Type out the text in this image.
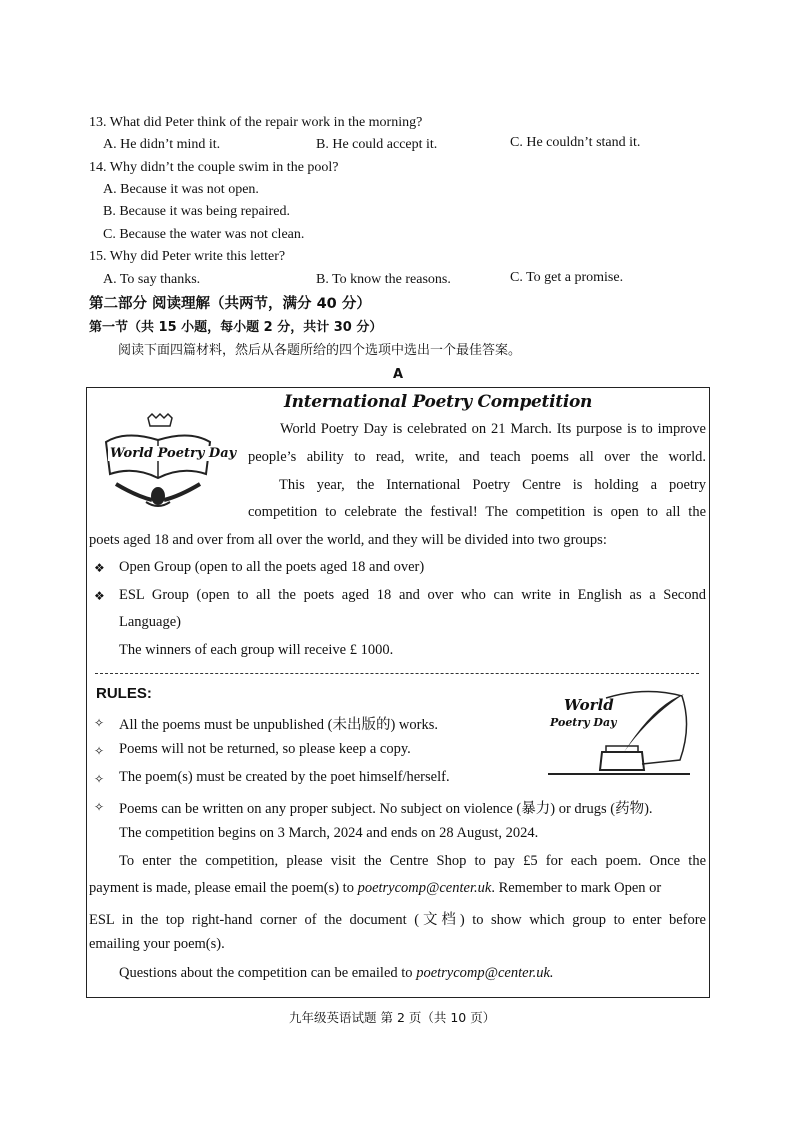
13. What did Peter think of the repair work in the morning?
A. He didn’t mind it.	B. He could accept it.	C. He couldn’t stand it.
14. Why didn’t the couple swim in the pool?
A. Because it was not open.
B. Because it was being repaired.
C. Because the water was not clean.
15. Why did Peter write this letter?
A. To say thanks.	B. To know the reasons.	C. To get a promise.
第二部分 阅读理解（共两节，满分 40 分）
第一节（共 15 小题，每小题 2 分，共计 30 分）
阅读下面四篇材料，然后从各题所给的四个选项中选出一个最佳答案。
A
International Poetry Competition
World Poetry Day
World Poetry Day is celebrated on 21 March. Its purpose is to improve
people’s ability to read, write, and teach poems all over the world.
This year, the International Poetry Centre is holding a poetry
competition to celebrate the festival! The competition is open to all the
poets aged 18 and over from all over the world, and they will be divided into two groups:
❖ Open Group (open to all the poets aged 18 and over)
❖ ESL Group (open to all the poets aged 18 and over who can write in English as a Second
Language)
The winners of each group will receive £ 1000.
RULES:
✧ All the poems must be unpublished (未出版的) works.
✧ Poems will not be returned, so please keep a copy.
✧ The poem(s) must be created by the poet himself/herself.
✧ Poems can be written on any proper subject. No subject on violence (暴力) or drugs (药物).
World
Poetry Day
The competition begins on 3 March, 2024 and ends on 28 August, 2024.
To enter the competition, please visit the Centre Shop to pay £5 for each poem. Once the
payment is made, please email the poem(s) to
poetrycomp@center.uk . Remember to mark Open or
ESL in the top right-hand corner of the document (文档) to show which group to enter before
emailing your poem(s).
Questions about the competition can be emailed to poetrycomp@center.uk.
九年级英语试题 第 2 页（共 10 页）
